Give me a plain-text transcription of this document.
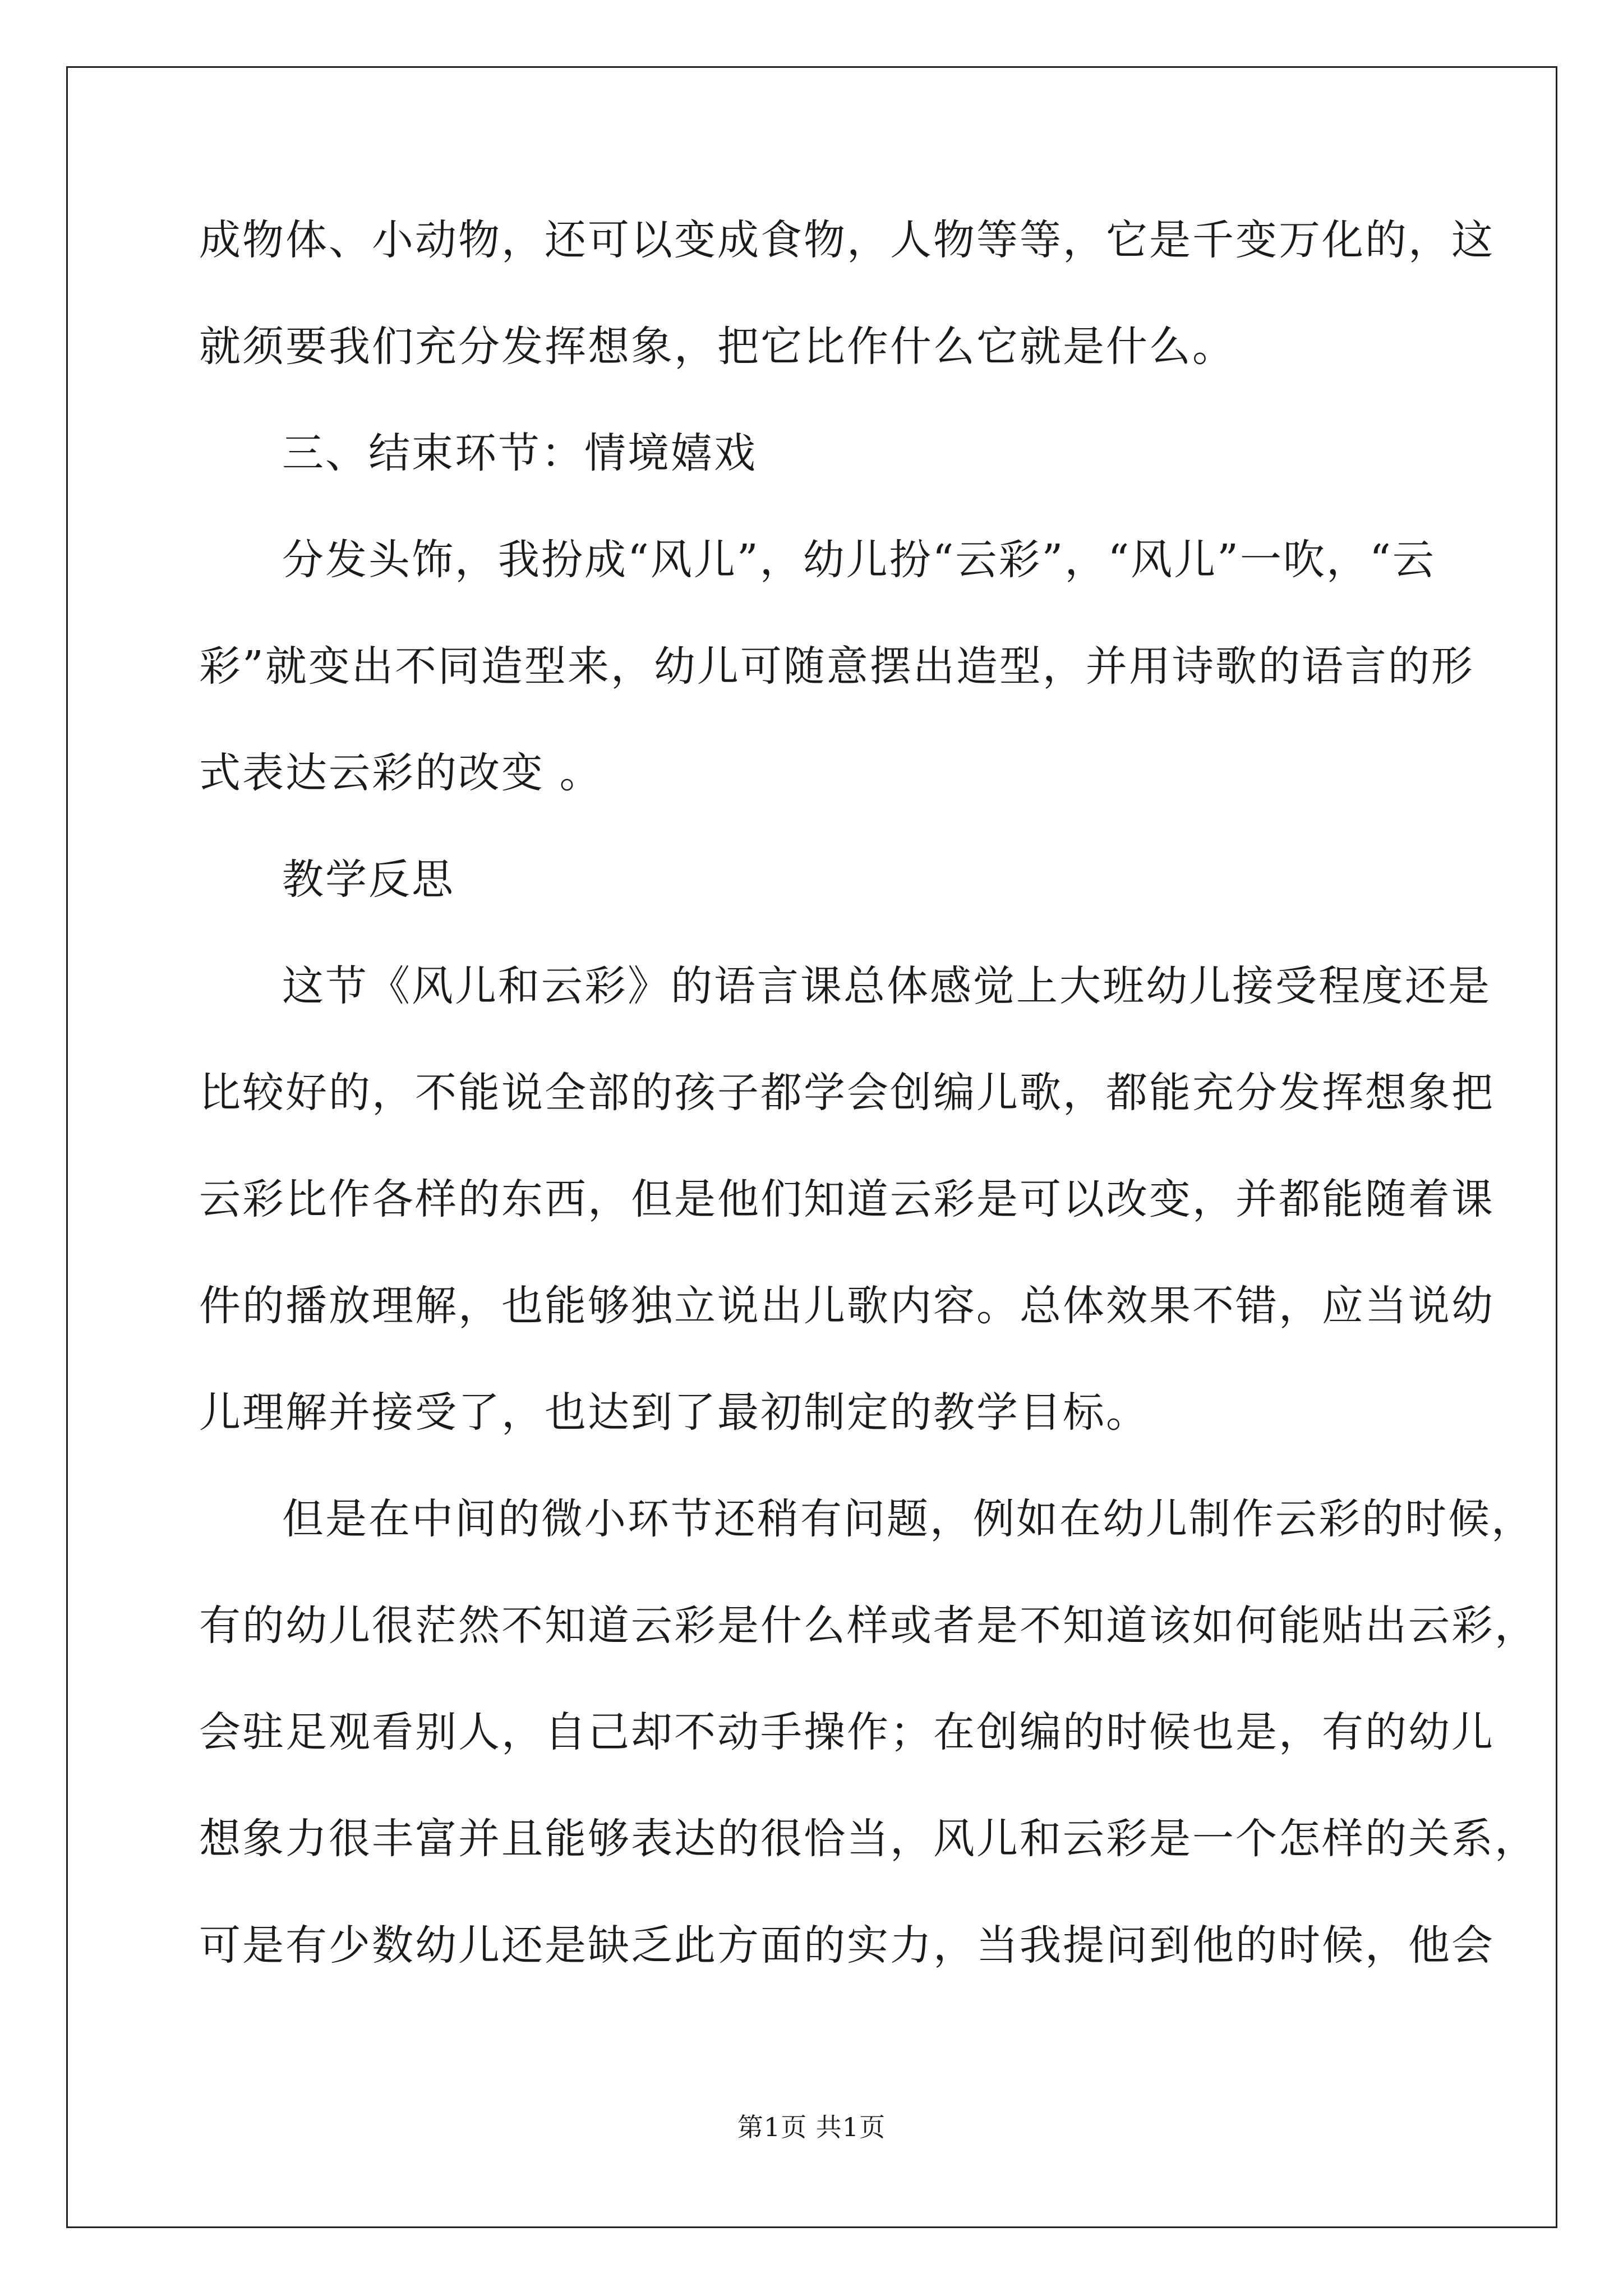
成物体、小动物，还可以变成食物，人物等等，它是千变万化的，这

就须要我们充分发挥想象，把它比作什么它就是什么。

三、结束环节：情境嬉戏

分发头饰，我扮成“风儿”，幼儿扮“云彩”，“风儿”一吹，“云

彩”就变出不同造型来，幼儿可随意摆出造型，并用诗歌的语言的形

式表达云彩的改变 。

教学反思

这节《风儿和云彩》的语言课总体感觉上大班幼儿接受程度还是

比较好的，不能说全部的孩子都学会创编儿歌，都能充分发挥想象把

云彩比作各样的东西，但是他们知道云彩是可以改变，并都能随着课

件的播放理解，也能够独立说出儿歌内容。总体效果不错，应当说幼

儿理解并接受了，也达到了最初制定的教学目标。

但是在中间的微小环节还稍有问题，例如在幼儿制作云彩的时候，

有的幼儿很茫然不知道云彩是什么样或者是不知道该如何能贴出云彩，

会驻足观看别人，自己却不动手操作；在创编的时候也是，有的幼儿

想象力很丰富并且能够表达的很恰当，风儿和云彩是一个怎样的关系，

可是有少数幼儿还是缺乏此方面的实力，当我提问到他的时候，他会

第1页 共1页
